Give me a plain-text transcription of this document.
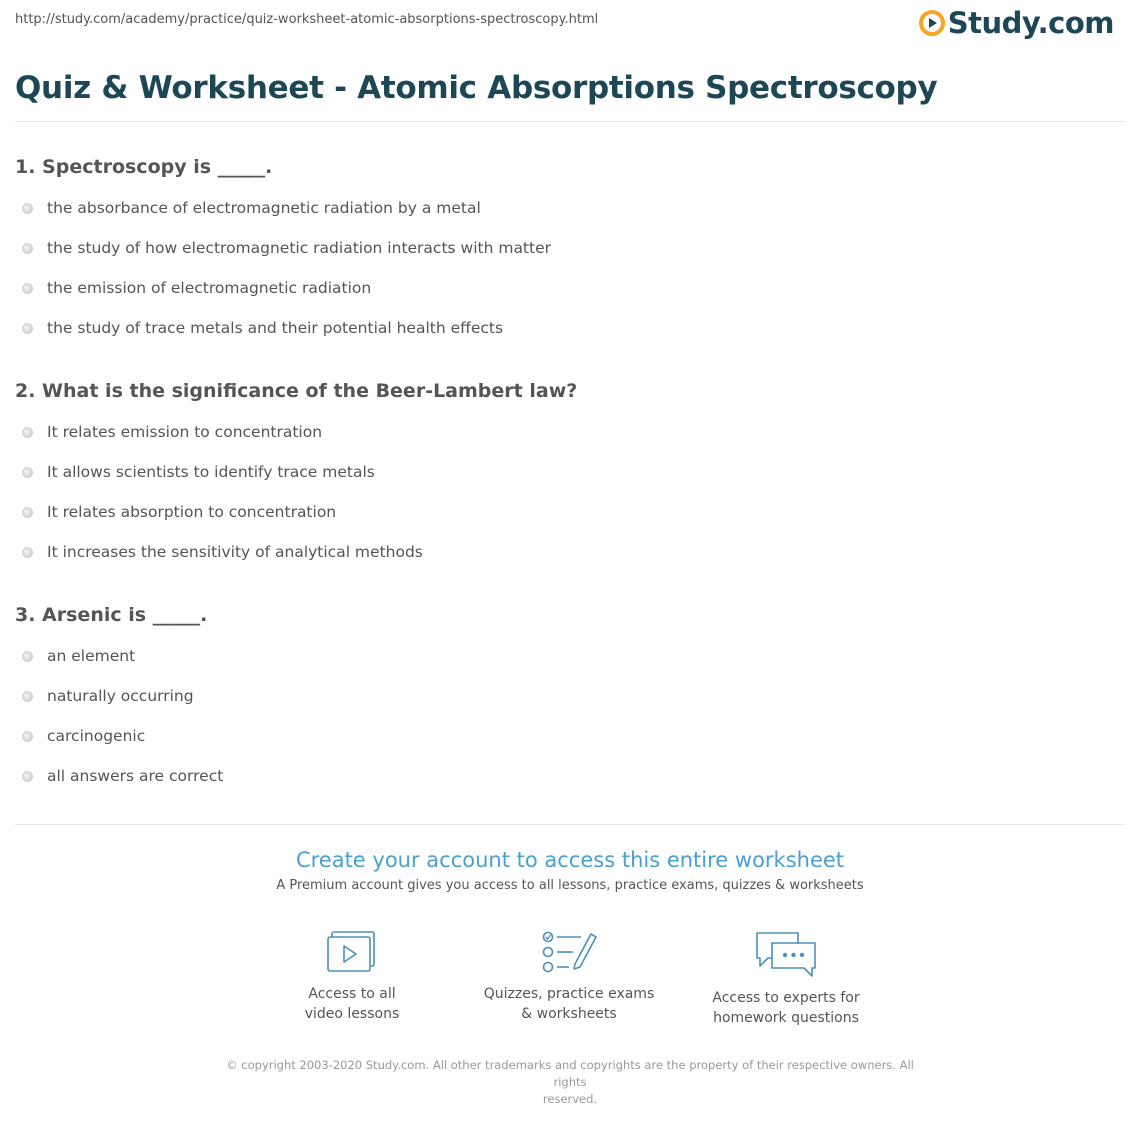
http://study.com/academy/practice/quiz-worksheet-atomic-absorptions-spectroscopy.html	Study.com
Quiz & Worksheet - Atomic Absorptions Spectroscopy
1. Spectroscopy is _____.
the absorbance of electromagnetic radiation by a metal
the study of how electromagnetic radiation interacts with matter
the emission of electromagnetic radiation
the study of trace metals and their potential health effects
2. What is the significance of the Beer-Lambert law?
It relates emission to concentration
It allows scientists to identify trace metals
It relates absorption to concentration
It increases the sensitivity of analytical methods
3. Arsenic is _____.
an element
naturally occurring
carcinogenic
all answers are correct
Create your account to access this entire worksheet
A Premium account gives you access to all lessons, practice exams, quizzes & worksheets
Access to all
video lessons
Quizzes, practice exams
& worksheets
Access to experts for
homework questions
© copyright 2003-2020 Study.com. All other trademarks and copyrights are the property of their respective owners. All rights
reserved.
